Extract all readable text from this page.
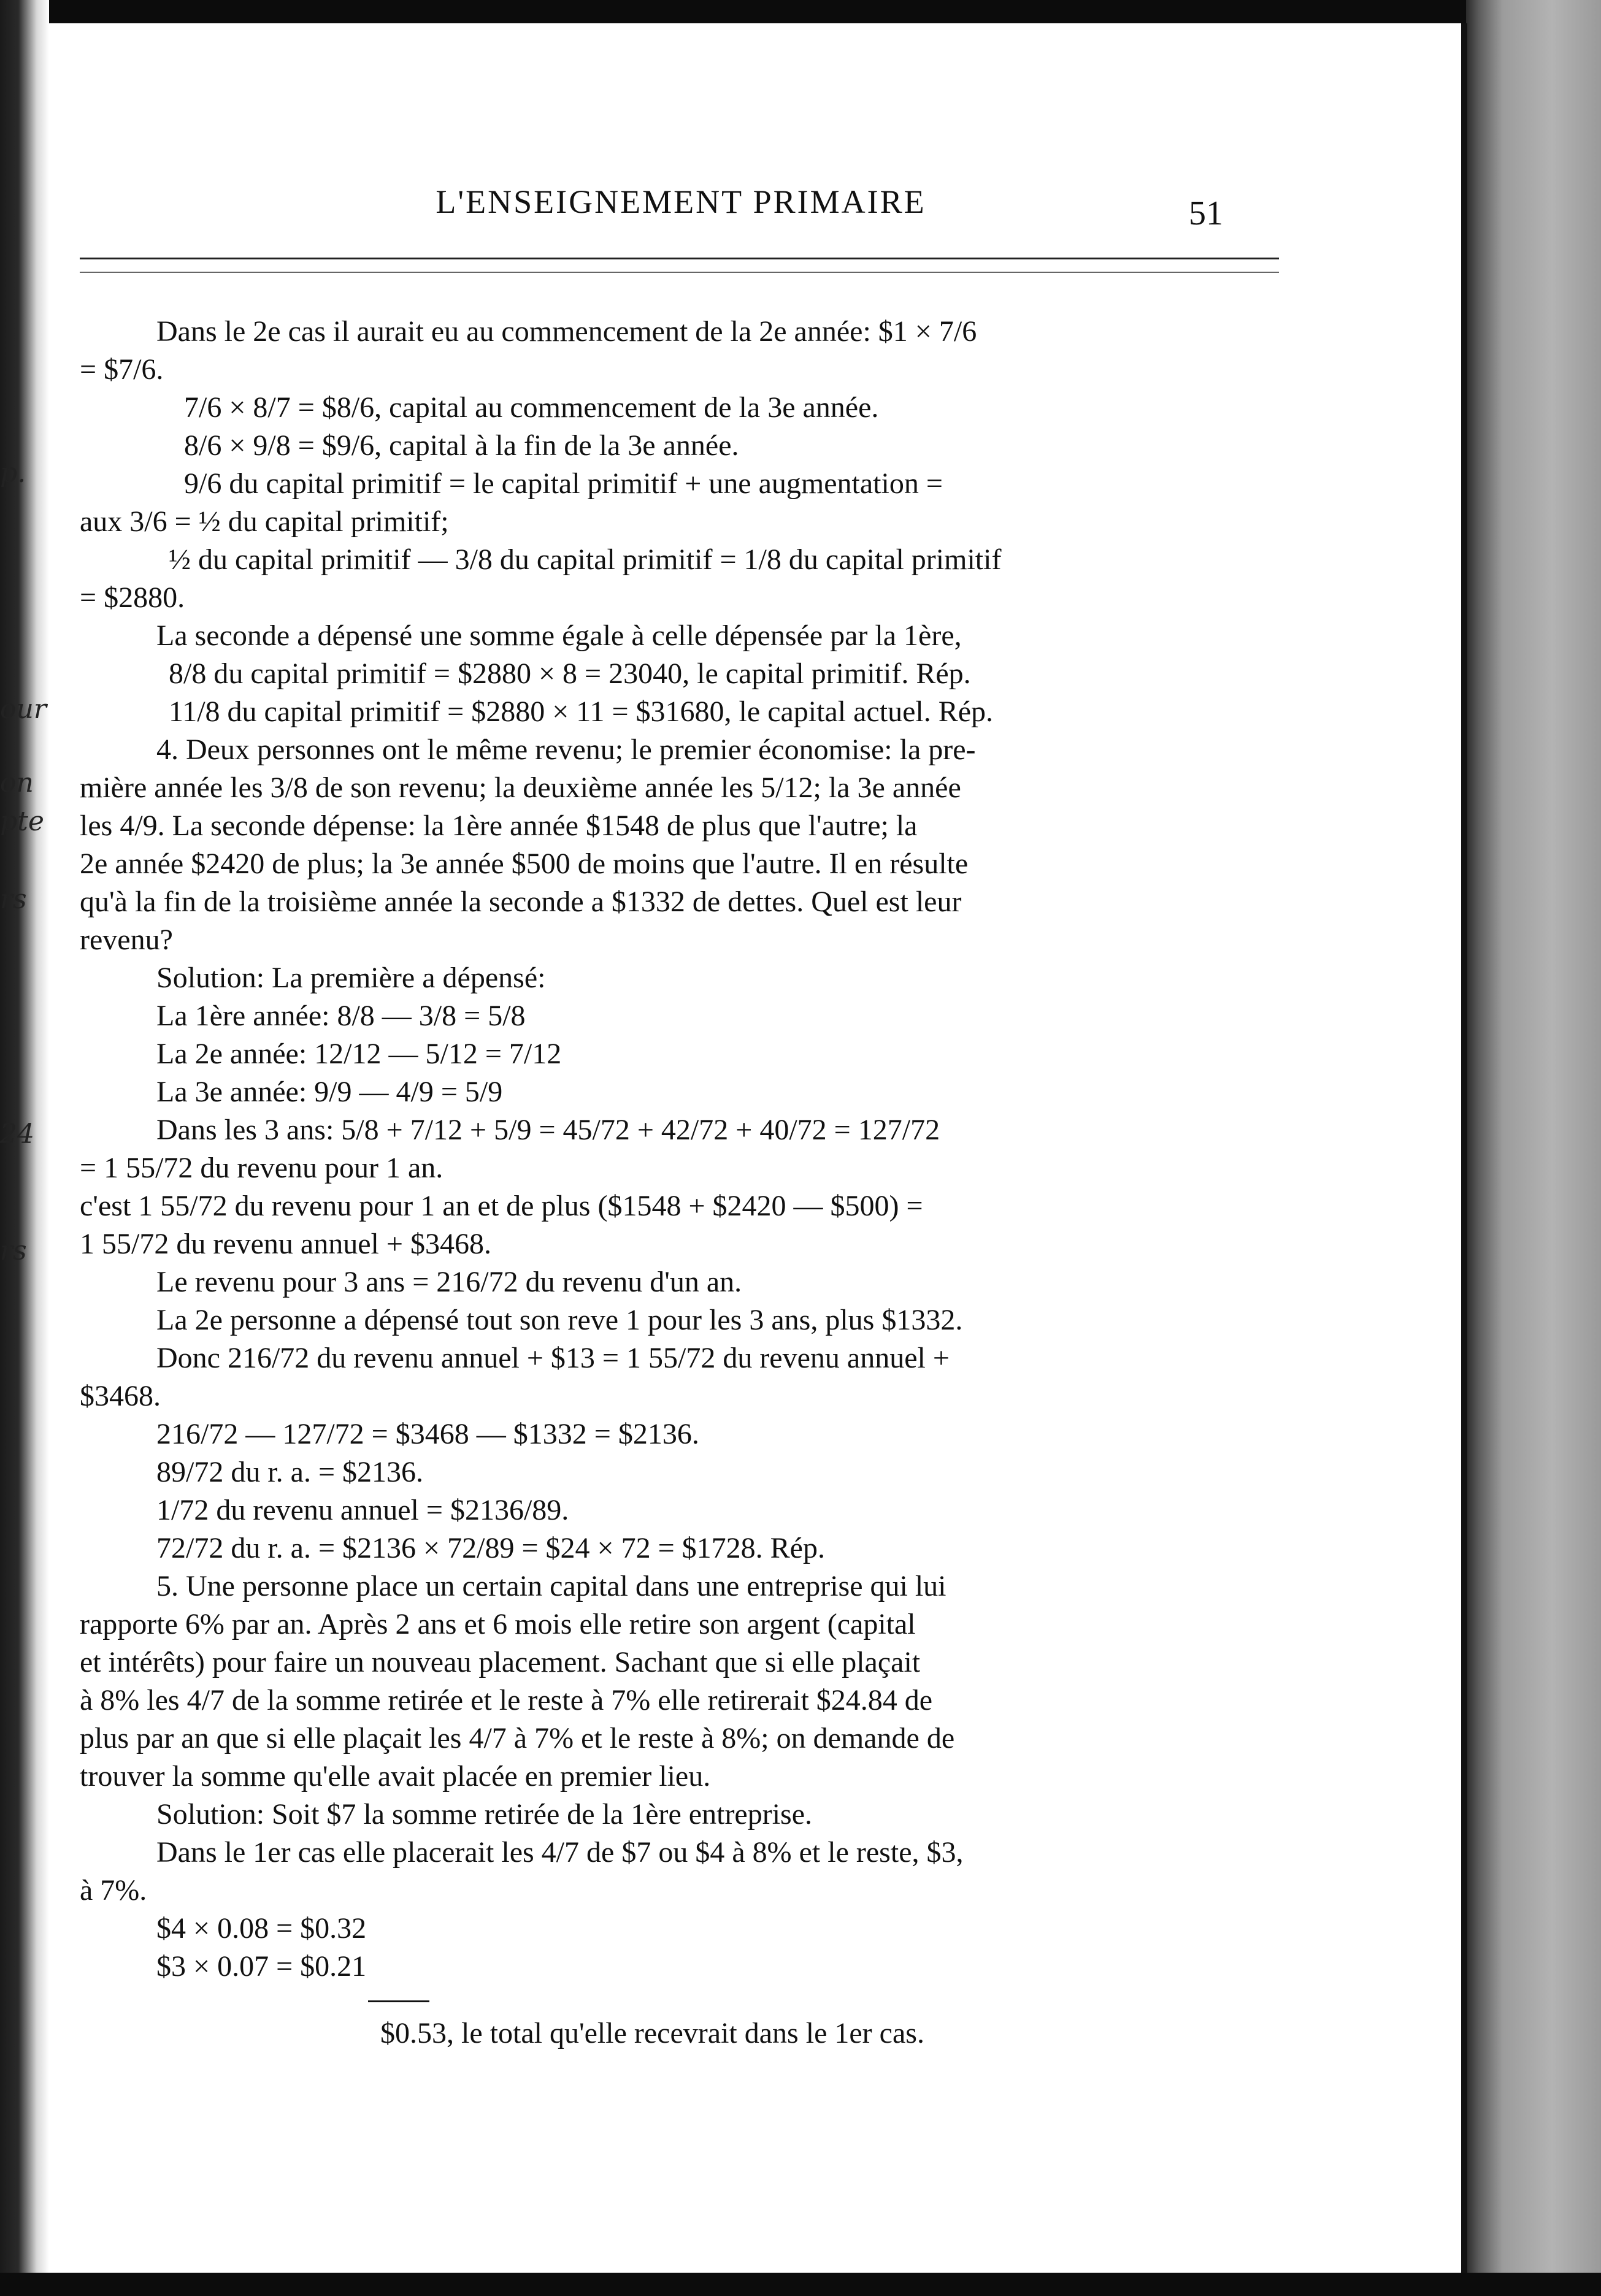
p.
our
on
pte
rs
24
rs
L'ENSEIGNEMENT PRIMAIRE	51
Dans le 2e cas il aurait eu au commencement de la 2e année: $1 × 7/6
= $7/6.
7/6 × 8/7 = $8/6, capital au commencement de la 3e année.
8/6 × 9/8 = $9/6, capital à la fin de la 3e année.
9/6 du capital primitif = le capital primitif + une augmentation =
aux 3/6 = ½ du capital primitif;
½ du capital primitif — 3/8 du capital primitif = 1/8 du capital primitif
= $2880.
La seconde a dépensé une somme égale à celle dépensée par la 1ère,
8/8 du capital primitif = $2880 × 8 = 23040, le capital primitif. Rép.
11/8 du capital primitif = $2880 × 11 = $31680, le capital actuel. Rép.
4. Deux personnes ont le même revenu; le premier économise: la pre-
mière année les 3/8 de son revenu; la deuxième année les 5/12; la 3e année
les 4/9. La seconde dépense: la 1ère année $1548 de plus que l'autre; la
2e année $2420 de plus; la 3e année $500 de moins que l'autre. Il en résulte
qu'à la fin de la troisième année la seconde a $1332 de dettes. Quel est leur
revenu?
Solution: La première a dépensé:
La 1ère année: 8/8 — 3/8 = 5/8
La 2e année: 12/12 — 5/12 = 7/12
La 3e année: 9/9 — 4/9 = 5/9
Dans les 3 ans: 5/8 + 7/12 + 5/9 = 45/72 + 42/72 + 40/72 = 127/72
= 1 55/72 du revenu pour 1 an.
c'est 1 55/72 du revenu pour 1 an et de plus ($1548 + $2420 — $500) =
1 55/72 du revenu annuel + $3468.
Le revenu pour 3 ans = 216/72 du revenu d'un an.
La 2e personne a dépensé tout son reve 1 pour les 3 ans, plus $1332.
Donc 216/72 du revenu annuel + $13 = 1 55/72 du revenu annuel +
$3468.
216/72 — 127/72 = $3468 — $1332 = $2136.
89/72 du r. a. = $2136.
1/72 du revenu annuel = $2136/89.
72/72 du r. a. = $2136 × 72/89 = $24 × 72 = $1728. Rép.
5. Une personne place un certain capital dans une entreprise qui lui
rapporte 6% par an. Après 2 ans et 6 mois elle retire son argent (capital
et intérêts) pour faire un nouveau placement. Sachant que si elle plaçait
à 8% les 4/7 de la somme retirée et le reste à 7% elle retirerait $24.84 de
plus par an que si elle plaçait les 4/7 à 7% et le reste à 8%; on demande de
trouver la somme qu'elle avait placée en premier lieu.
Solution: Soit $7 la somme retirée de la 1ère entreprise.
Dans le 1er cas elle placerait les 4/7 de $7 ou $4 à 8% et le reste, $3,
à 7%.
$4 × 0.08 = $0.32
$3 × 0.07 = $0.21
$0.53, le total qu'elle recevrait dans le 1er cas.
